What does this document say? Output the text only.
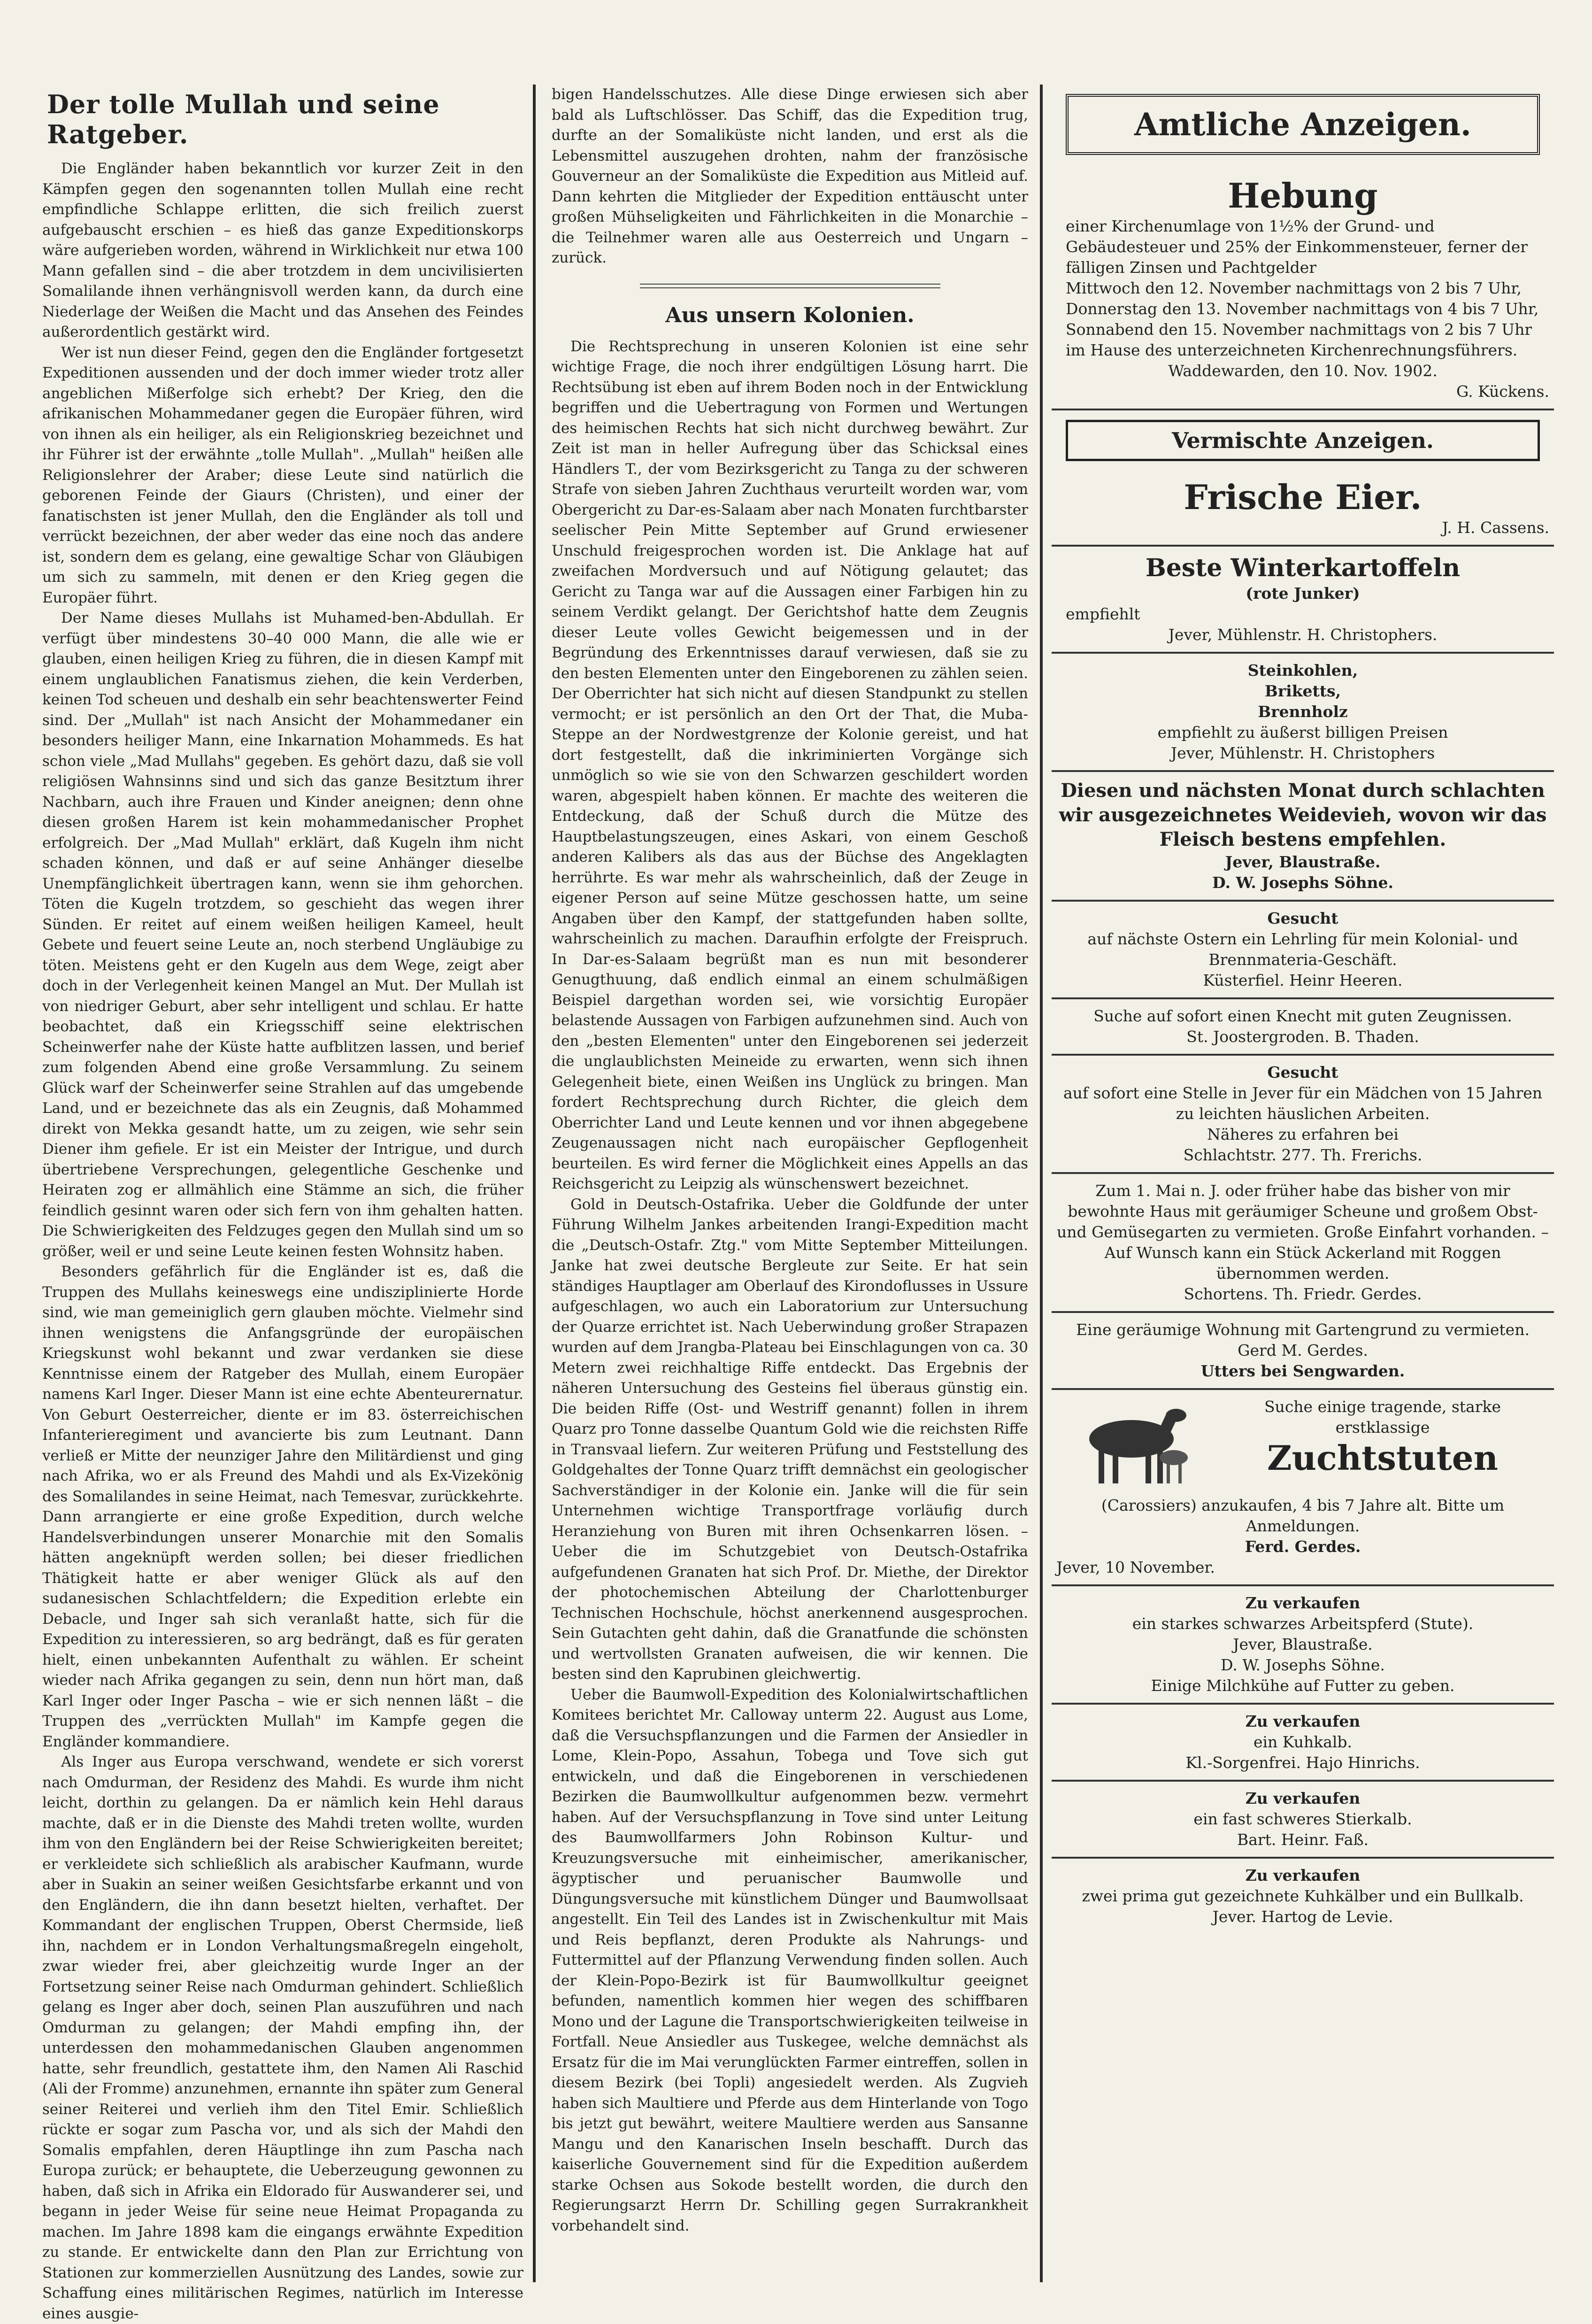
Der tolle Mullah und seine Ratgeber.

Die Engländer haben bekanntlich vor kurzer Zeit in den Kämpfen gegen den sogenannten tollen Mullah eine recht empfindliche Schlappe erlitten, die sich freilich zuerst aufgebauscht erschien – es hieß das ganze Expeditionskorps wäre aufgerieben worden, während in Wirklichkeit nur etwa 100 Mann gefallen sind – die aber trotzdem in dem uncivilisierten Somalilande ihnen verhängnisvoll werden kann, da durch eine Niederlage der Weißen die Macht und das Ansehen des Feindes außerordentlich gestärkt wird.

Wer ist nun dieser Feind, gegen den die Engländer fortgesetzt Expeditionen aussenden und der doch immer wieder trotz aller angeblichen Mißerfolge sich erhebt? Der Krieg, den die afrikanischen Mohammedaner gegen die Europäer führen, wird von ihnen als ein heiliger, als ein Religionskrieg bezeichnet und ihr Führer ist der erwähnte „tolle Mullah". „Mullah" heißen alle Religionslehrer der Araber; diese Leute sind natürlich die geborenen Feinde der Giaurs (Christen), und einer der fanatischsten ist jener Mullah, den die Engländer als toll und verrückt bezeichnen, der aber weder das eine noch das andere ist, sondern dem es gelang, eine gewaltige Schar von Gläubigen um sich zu sammeln, mit denen er den Krieg gegen die Europäer führt.

Der Name dieses Mullahs ist Muhamed-ben-Abdullah. Er verfügt über mindestens 30–40 000 Mann, die alle wie er glauben, einen heiligen Krieg zu führen, die in diesen Kampf mit einem unglaublichen Fanatismus ziehen, die kein Verderben, keinen Tod scheuen und deshalb ein sehr beachtenswerter Feind sind. Der „Mullah" ist nach Ansicht der Mohammedaner ein besonders heiliger Mann, eine Inkarnation Mohammeds. Es hat schon viele „Mad Mullahs" gegeben. Es gehört dazu, daß sie voll religiösen Wahnsinns sind und sich das ganze Besitztum ihrer Nachbarn, auch ihre Frauen und Kinder aneignen; denn ohne diesen großen Harem ist kein mohammedanischer Prophet erfolgreich. Der „Mad Mullah" erklärt, daß Kugeln ihm nicht schaden können, und daß er auf seine Anhänger dieselbe Unempfänglichkeit übertragen kann, wenn sie ihm gehorchen. Töten die Kugeln trotzdem, so geschieht das wegen ihrer Sünden. Er reitet auf einem weißen heiligen Kameel, heult Gebete und feuert seine Leute an, noch sterbend Ungläubige zu töten. Meistens geht er den Kugeln aus dem Wege, zeigt aber doch in der Verlegenheit keinen Mangel an Mut. Der Mullah ist von niedriger Geburt, aber sehr intelligent und schlau. Er hatte beobachtet, daß ein Kriegsschiff seine elektrischen Scheinwerfer nahe der Küste hatte aufblitzen lassen, und berief zum folgenden Abend eine große Versammlung. Zu seinem Glück warf der Scheinwerfer seine Strahlen auf das umgebende Land, und er bezeichnete das als ein Zeugnis, daß Mohammed direkt von Mekka gesandt hatte, um zu zeigen, wie sehr sein Diener ihm gefiele. Er ist ein Meister der Intrigue, und durch übertriebene Versprechungen, gelegentliche Geschenke und Heiraten zog er allmählich eine Stämme an sich, die früher feindlich gesinnt waren oder sich fern von ihm gehalten hatten. Die Schwierigkeiten des Feldzuges gegen den Mullah sind um so größer, weil er und seine Leute keinen festen Wohnsitz haben.

Besonders gefährlich für die Engländer ist es, daß die Truppen des Mullahs keineswegs eine undisziplinierte Horde sind, wie man gemeiniglich gern glauben möchte. Vielmehr sind ihnen wenigstens die Anfangsgründe der europäischen Kriegskunst wohl bekannt und zwar verdanken sie diese Kenntnisse einem der Ratgeber des Mullah, einem Europäer namens Karl Inger. Dieser Mann ist eine echte Abenteurernatur. Von Geburt Oesterreicher, diente er im 83. österreichischen Infanterieregiment und avancierte bis zum Leutnant. Dann verließ er Mitte der neunziger Jahre den Militärdienst und ging nach Afrika, wo er als Freund des Mahdi und als Ex-Vizekönig des Somalilandes in seine Heimat, nach Temesvar, zurückkehrte. Dann arrangierte er eine große Expedition, durch welche Handelsverbindungen unserer Monarchie mit den Somalis hätten angeknüpft werden sollen; bei dieser friedlichen Thätigkeit hatte er aber weniger Glück als auf den sudanesischen Schlachtfeldern; die Expedition erlebte ein Debacle, und Inger sah sich veranlaßt hatte, sich für die Expedition zu interessieren, so arg bedrängt, daß es für geraten hielt, einen unbekannten Aufenthalt zu wählen. Er scheint wieder nach Afrika gegangen zu sein, denn nun hört man, daß Karl Inger oder Inger Pascha – wie er sich nennen läßt – die Truppen des „verrückten Mullah" im Kampfe gegen die Engländer kommandiere.

Als Inger aus Europa verschwand, wendete er sich vorerst nach Omdurman, der Residenz des Mahdi. Es wurde ihm nicht leicht, dorthin zu gelangen. Da er nämlich kein Hehl daraus machte, daß er in die Dienste des Mahdi treten wollte, wurden ihm von den Engländern bei der Reise Schwierigkeiten bereitet; er verkleidete sich schließlich als arabischer Kaufmann, wurde aber in Suakin an seiner weißen Gesichtsfarbe erkannt und von den Engländern, die ihn dann besetzt hielten, verhaftet. Der Kommandant der englischen Truppen, Oberst Chermside, ließ ihn, nachdem er in London Verhaltungsmaßregeln eingeholt, zwar wieder frei, aber gleichzeitig wurde Inger an der Fortsetzung seiner Reise nach Omdurman gehindert. Schließlich gelang es Inger aber doch, seinen Plan auszuführen und nach Omdurman zu gelangen; der Mahdi empfing ihn, der unterdessen den mohammedanischen Glauben angenommen hatte, sehr freundlich, gestattete ihm, den Namen Ali Raschid (Ali der Fromme) anzunehmen, ernannte ihn später zum General seiner Reiterei und verlieh ihm den Titel Emir. Schließlich rückte er sogar zum Pascha vor, und als sich der Mahdi den Somalis empfahlen, deren Häuptlinge ihn zum Pascha nach Europa zurück; er behauptete, die Ueberzeugung gewonnen zu haben, daß sich in Afrika ein Eldorado für Auswanderer sei, und begann in jeder Weise für seine neue Heimat Propaganda zu machen. Im Jahre 1898 kam die eingangs erwähnte Expedition zu stande. Er entwickelte dann den Plan zur Errichtung von Stationen zur kommerziellen Ausnützung des Landes, sowie zur Schaffung eines militärischen Regimes, natürlich im Interesse eines ausgie-

bigen Handelsschutzes. Alle diese Dinge erwiesen sich aber bald als Luftschlösser. Das Schiff, das die Expedition trug, durfte an der Somaliküste nicht landen, und erst als die Lebensmittel auszugehen drohten, nahm der französische Gouverneur an der Somaliküste die Expedition aus Mitleid auf. Dann kehrten die Mitglieder der Expedition enttäuscht unter großen Mühseligkeiten und Fährlichkeiten in die Monarchie – die Teilnehmer waren alle aus Oesterreich und Ungarn – zurück.

Aus unsern Kolonien.

Die Rechtsprechung in unseren Kolonien ist eine sehr wichtige Frage, die noch ihrer endgültigen Lösung harrt. Die Rechtsübung ist eben auf ihrem Boden noch in der Entwicklung begriffen und die Uebertragung von Formen und Wertungen des heimischen Rechts hat sich nicht durchweg bewährt. Zur Zeit ist man in heller Aufregung über das Schicksal eines Händlers T., der vom Bezirksgericht zu Tanga zu der schweren Strafe von sieben Jahren Zuchthaus verurteilt worden war, vom Obergericht zu Dar-es-Salaam aber nach Monaten furchtbarster seelischer Pein Mitte September auf Grund erwiesener Unschuld freigesprochen worden ist. Die Anklage hat auf zweifachen Mordversuch und auf Nötigung gelautet; das Gericht zu Tanga war auf die Aussagen einer Farbigen hin zu seinem Verdikt gelangt. Der Gerichtshof hatte dem Zeugnis dieser Leute volles Gewicht beigemessen und in der Begründung des Erkenntnisses darauf verwiesen, daß sie zu den besten Elementen unter den Eingeborenen zu zählen seien. Der Oberrichter hat sich nicht auf diesen Standpunkt zu stellen vermocht; er ist persönlich an den Ort der That, die Muba-Steppe an der Nordwestgrenze der Kolonie gereist, und hat dort festgestellt, daß die inkriminierten Vorgänge sich unmöglich so wie sie von den Schwarzen geschildert worden waren, abgespielt haben können. Er machte des weiteren die Entdeckung, daß der Schuß durch die Mütze des Hauptbelastungszeugen, eines Askari, von einem Geschoß anderen Kalibers als das aus der Büchse des Angeklagten herrührte. Es war mehr als wahrscheinlich, daß der Zeuge in eigener Person auf seine Mütze geschossen hatte, um seine Angaben über den Kampf, der stattgefunden haben sollte, wahrscheinlich zu machen. Daraufhin erfolgte der Freispruch. In Dar-es-Salaam begrüßt man es nun mit besonderer Genugthuung, daß endlich einmal an einem schulmäßigen Beispiel dargethan worden sei, wie vorsichtig Europäer belastende Aussagen von Farbigen aufzunehmen sind. Auch von den „besten Elementen" unter den Eingeborenen sei jederzeit die unglaublichsten Meineide zu erwarten, wenn sich ihnen Gelegenheit biete, einen Weißen ins Unglück zu bringen. Man fordert Rechtsprechung durch Richter, die gleich dem Oberrichter Land und Leute kennen und vor ihnen abgegebene Zeugenaussagen nicht nach europäischer Gepflogenheit beurteilen. Es wird ferner die Möglichkeit eines Appells an das Reichsgericht zu Leipzig als wünschenswert bezeichnet.

Gold in Deutsch-Ostafrika. Ueber die Goldfunde der unter Führung Wilhelm Jankes arbeitenden Irangi-Expedition macht die „Deutsch-Ostafr. Ztg." vom Mitte September Mitteilungen. Janke hat zwei deutsche Bergleute zur Seite. Er hat sein ständiges Hauptlager am Oberlauf des Kirondoflusses in Ussure aufgeschlagen, wo auch ein Laboratorium zur Untersuchung der Quarze errichtet ist. Nach Ueberwindung großer Strapazen wurden auf dem Jrangba-Plateau bei Einschlagungen von ca. 30 Metern zwei reichhaltige Riffe entdeckt. Das Ergebnis der näheren Untersuchung des Gesteins fiel überaus günstig ein. Die beiden Riffe (Ost- und Westriff genannt) follen in ihrem Quarz pro Tonne dasselbe Quantum Gold wie die reichsten Riffe in Transvaal liefern. Zur weiteren Prüfung und Feststellung des Goldgehaltes der Tonne Quarz trifft demnächst ein geologischer Sachverständiger in der Kolonie ein. Janke will die für sein Unternehmen wichtige Transportfrage vorläufig durch Heranziehung von Buren mit ihren Ochsenkarren lösen. – Ueber die im Schutzgebiet von Deutsch-Ostafrika aufgefundenen Granaten hat sich Prof. Dr. Miethe, der Direktor der photochemischen Abteilung der Charlottenburger Technischen Hochschule, höchst anerkennend ausgesprochen. Sein Gutachten geht dahin, daß die Granatfunde die schönsten und wertvollsten Granaten aufweisen, die wir kennen. Die besten sind den Kaprubinen gleichwertig.

Ueber die Baumwoll-Expedition des Kolonialwirtschaftlichen Komitees berichtet Mr. Calloway unterm 22. August aus Lome, daß die Versuchspflanzungen und die Farmen der Ansiedler in Lome, Klein-Popo, Assahun, Tobega und Tove sich gut entwickeln, und daß die Eingeborenen in verschiedenen Bezirken die Baumwollkultur aufgenommen bezw. vermehrt haben. Auf der Versuchspflanzung in Tove sind unter Leitung des Baumwollfarmers John Robinson Kultur- und Kreuzungsversuche mit einheimischer, amerikanischer, ägyptischer und peruanischer Baumwolle und Düngungsversuche mit künstlichem Dünger und Baumwollsaat angestellt. Ein Teil des Landes ist in Zwischenkultur mit Mais und Reis bepflanzt, deren Produkte als Nahrungs- und Futtermittel auf der Pflanzung Verwendung finden sollen. Auch der Klein-Popo-Bezirk ist für Baumwollkultur geeignet befunden, namentlich kommen hier wegen des schiffbaren Mono und der Lagune die Transportschwierigkeiten teilweise in Fortfall. Neue Ansiedler aus Tuskegee, welche demnächst als Ersatz für die im Mai verunglückten Farmer eintreffen, sollen in diesem Bezirk (bei Topli) angesiedelt werden. Als Zugvieh haben sich Maultiere und Pferde aus dem Hinterlande von Togo bis jetzt gut bewährt, weitere Maultiere werden aus Sansanne Mangu und den Kanarischen Inseln beschafft. Durch das kaiserliche Gouvernement sind für die Expedition außerdem starke Ochsen aus Sokode bestellt worden, die durch den Regierungsarzt Herrn Dr. Schilling gegen Surrakrankheit vorbehandelt sind.

Amtliche Anzeigen.
Hebung
einer Kirchenumlage von 1½% der Grund- und Gebäudesteuer und 25% der Einkommensteuer, ferner der fälligen Zinsen und Pachtgelder
Mittwoch den 12. November nachmittags von 2 bis 7 Uhr,
Donnerstag den 13. November nachmittags von 4 bis 7 Uhr,
Sonnabend den 15. November nachmittags von 2 bis 7 Uhr
im Hause des unterzeichneten Kirchenrechnungsführers.
Waddewarden, den 10. Nov. 1902.
G. Kückens.
Vermischte Anzeigen.
Frische Eier.
J. H. Cassens.
Beste Winterkartoffeln
(rote Junker)
empfiehlt
Jever, Mühlenstr. H. Christophers.
Steinkohlen,
Briketts,
Brennholz
empfiehlt zu äußerst billigen Preisen
Jever, Mühlenstr. H. Christophers
Diesen und nächsten Monat durch schlachten wir ausgezeichnetes Weidevieh, wovon wir das Fleisch bestens empfehlen.
Jever, Blaustraße.
D. W. Josephs Söhne.
Gesucht
auf nächste Ostern ein Lehrling für mein Kolonial- und Brennmateria-Geschäft.
Küsterfiel. Heinr Heeren.
Suche auf sofort einen Knecht mit guten Zeugnissen.
St. Joostergroden. B. Thaden.
Gesucht
auf sofort eine Stelle in Jever für ein Mädchen von 15 Jahren zu leichten häuslichen Arbeiten.
Näheres zu erfahren bei
Schlachtstr. 277. Th. Frerichs.
Zum 1. Mai n. J. oder früher habe das bisher von mir bewohnte Haus mit geräumiger Scheune und großem Obst- und Gemüsegarten zu vermieten. Große Einfahrt vorhanden. – Auf Wunsch kann ein Stück Ackerland mit Roggen übernommen werden.
Schortens. Th. Friedr. Gerdes.
Eine geräumige Wohnung mit Gartengrund zu vermieten.
Gerd M. Gerdes.
Utters bei Sengwarden.
Suche einige tragende, starke erstklassige
Zuchtstuten
(Carossiers) anzukaufen, 4 bis 7 Jahre alt. Bitte um Anmeldungen.
Ferd. Gerdes.
Jever, 10 November.
Zu verkaufen
ein starkes schwarzes Arbeitspferd (Stute).
Jever, Blaustraße.
D. W. Josephs Söhne.
Einige Milchkühe auf Futter zu geben.
Zu verkaufen
ein Kuhkalb.
Kl.-Sorgenfrei. Hajo Hinrichs.
Zu verkaufen
ein fast schweres Stierkalb.
Bart. Heinr. Faß.
Zu verkaufen
zwei prima gut gezeichnete Kuhkälber und ein Bullkalb.
Jever. Hartog de Levie.
